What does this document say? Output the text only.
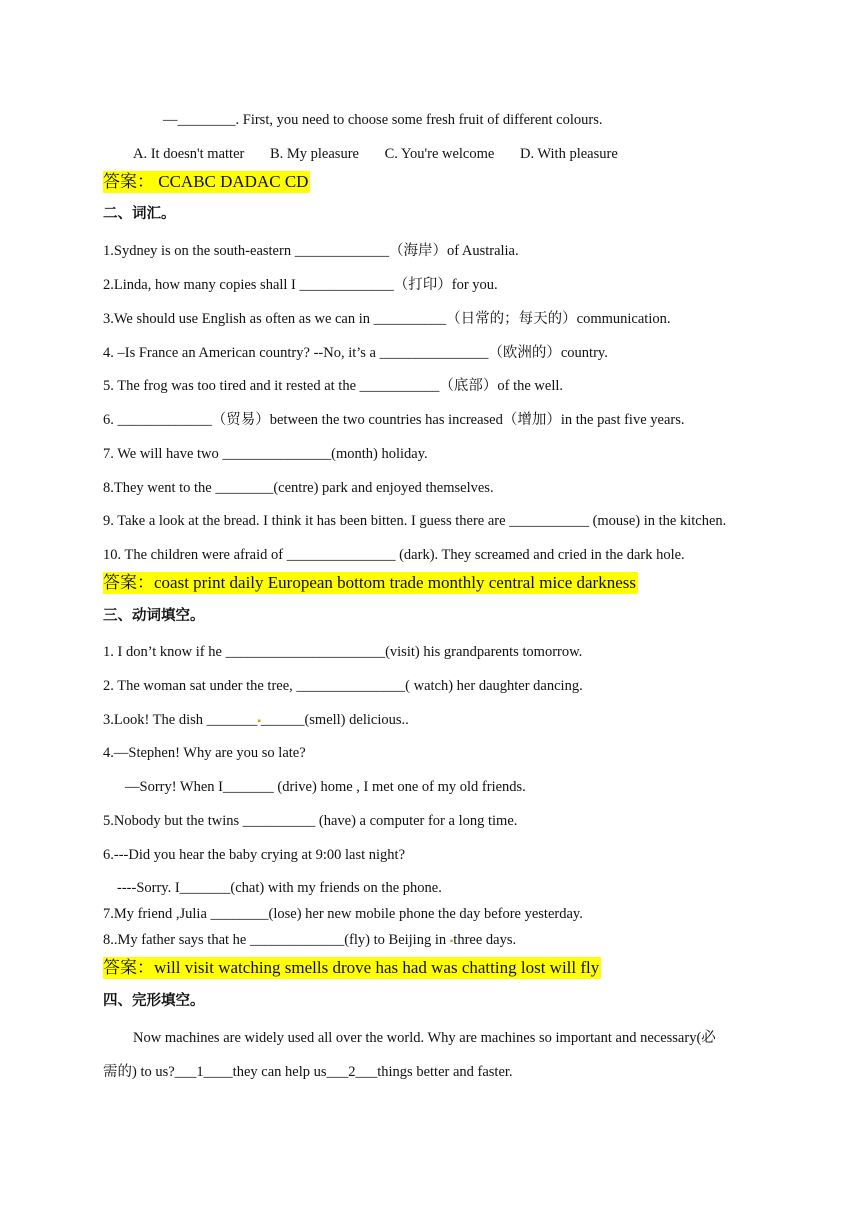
—________. First, you need to choose some fresh fruit of different colours.
A. It doesn't matter B. My pleasure C. You're welcome D. With pleasure
答案： CCABC DADAC CD
二、词汇。
1.Sydney is on the south-eastern _____________（海岸）of Australia.
2.Linda, how many copies shall I _____________（打印）for you.
3.We should use English as often as we can in __________（日常的；每天的）communication.
4. –Is France an American country? --No, it’s a _______________（欧洲的）country.
5. The frog was too tired and it rested at the ___________（底部）of the well.
6. _____________（贸易）between the two countries has increased（增加）in the past five years.
7. We will have two _______________(month) holiday.
8.They went to the ________(centre) park and enjoyed themselves.
9. Take a look at the bread. I think it has been bitten. I guess there are ___________ (mouse) in the kitchen.
10. The children were afraid of _______________ (dark). They screamed and cried in the dark hole.
答案：coast print daily European bottom trade monthly central mice darkness
三、动词填空。
1. I don’t know if he ______________________(visit) his grandparents tomorrow.
2. The woman sat under the tree, _______________( watch) her daughter dancing.
3.Look! The dish _______▪______(smell) delicious..
4.—Stephen! Why are you so late?
—Sorry! When I_______ (drive) home , I met one of my old friends.
5.Nobody but the twins __________ (have) a computer for a long time.
6.---Did you hear the baby crying at 9:00 last night?
----Sorry. I_______(chat) with my friends on the phone.
7.My friend ,Julia ________(lose) her new mobile phone the day before yesterday.
8..My father says that he _____________(fly) to Beijing in ▪three days.
答案：will visit watching smells drove has had was chatting lost will fly
四、完形填空。
Now machines are widely used all over the world. Why are machines so important and necessary(必
需的) to us?___1____they can help us___2___things better and faster.
